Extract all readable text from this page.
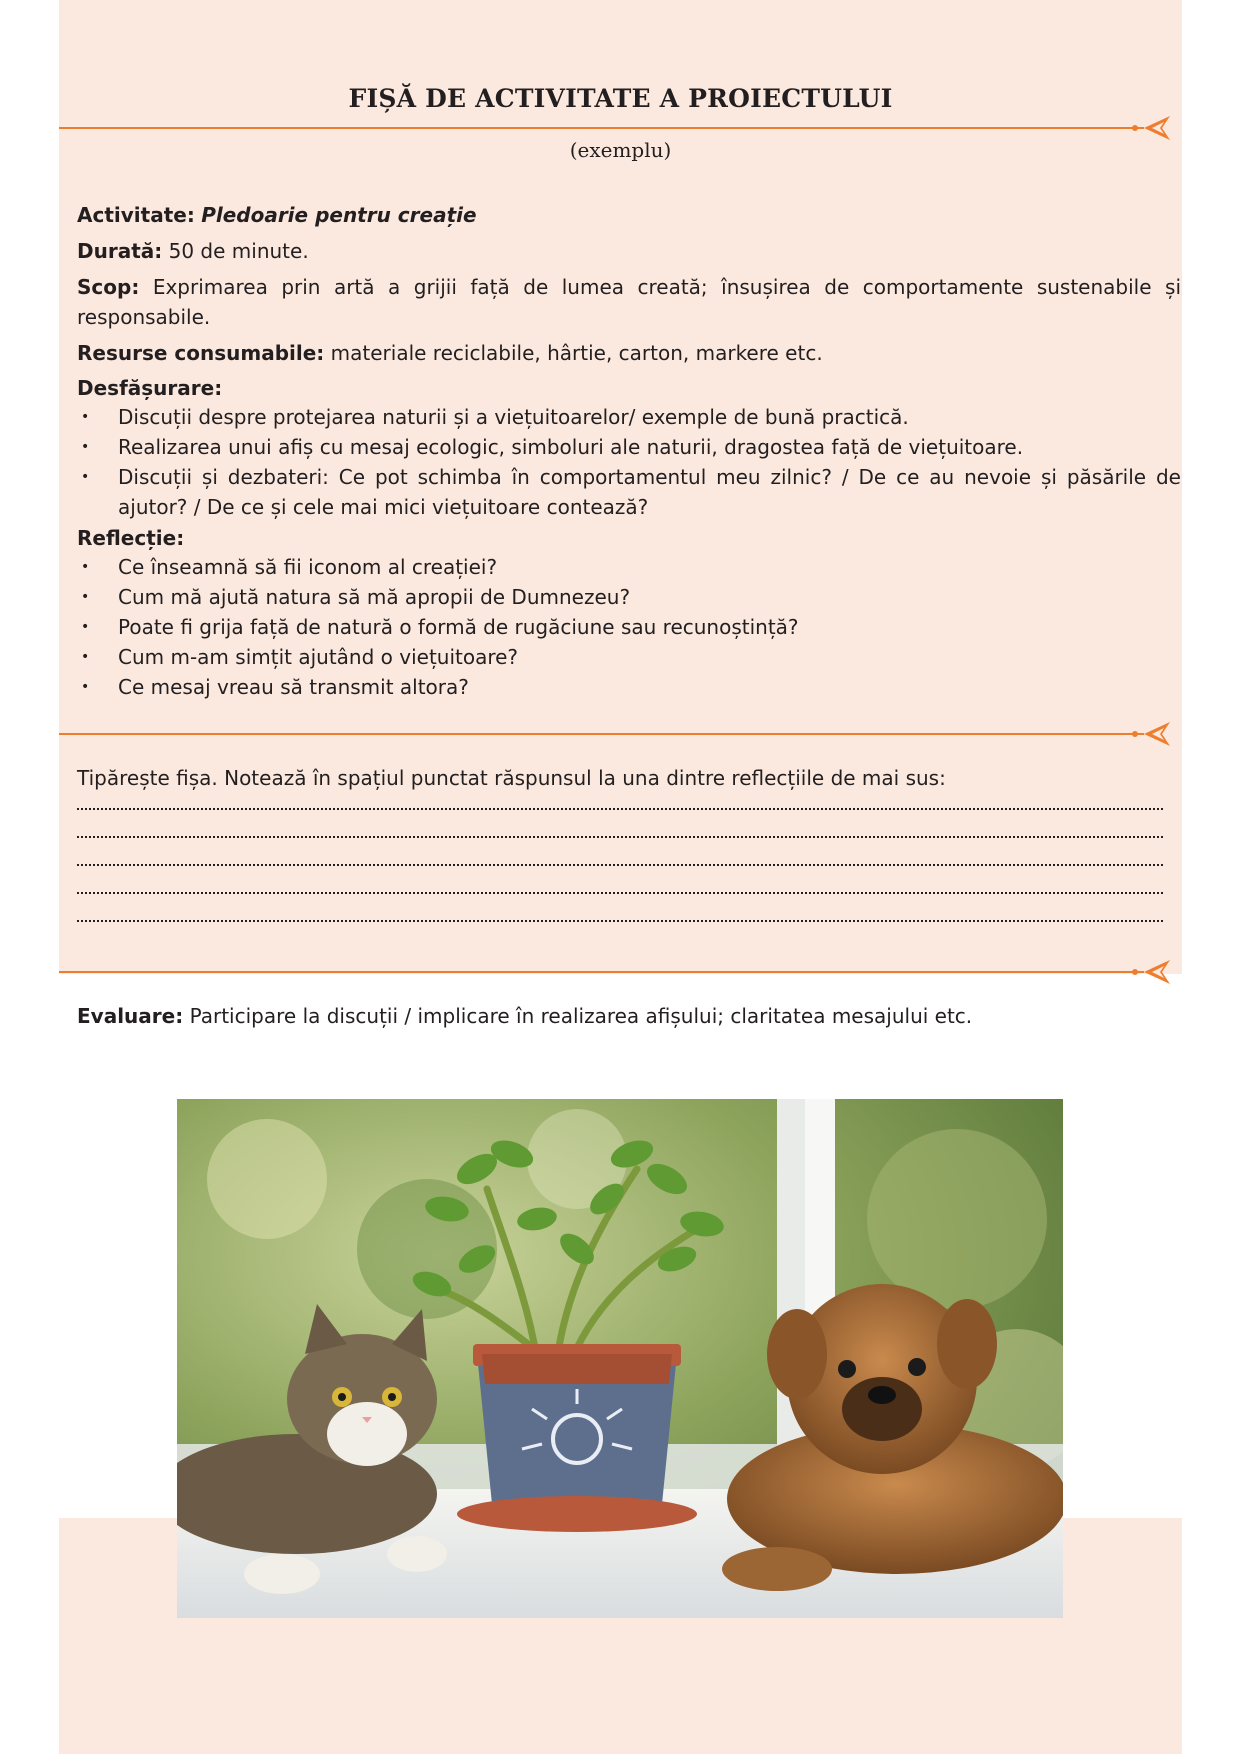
FIȘĂ DE ACTIVITATE A PROIECTULUI
(exemplu)

Activitate: Pledoarie pentru creație

Durată: 50 de minute.

Scop: Exprimarea prin artă a grijii față de lumea creată; însușirea de comportamente sustenabile și responsabile.

Resurse consumabile: materiale reciclabile, hârtie, carton, markere etc.

Desfășurare:
• Discuții despre protejarea naturii și a viețuitoarelor/ exemple de bună practică.
• Realizarea unui afiș cu mesaj ecologic, simboluri ale naturii, dragostea față de viețuitoare.
• Discuții și dezbateri: Ce pot schimba în comportamentul meu zilnic? / De ce au nevoie și păsările de ajutor? / De ce și cele mai mici viețuitoare contează?
Reflecție:
• Ce înseamnă să fii iconom al creației?
• Cum mă ajută natura să mă apropii de Dumnezeu?
• Poate fi grija față de natură o formă de rugăciune sau recunoștință?
• Cum m-am simțit ajutând o viețuitoare?
• Ce mesaj vreau să transmit altora?
Tipărește fișa. Notează în spațiul punctat răspunsul la una dintre reflecțiile de mai sus:
Evaluare: Participare la discuții / implicare în realizarea afișului; claritatea mesajului etc.
